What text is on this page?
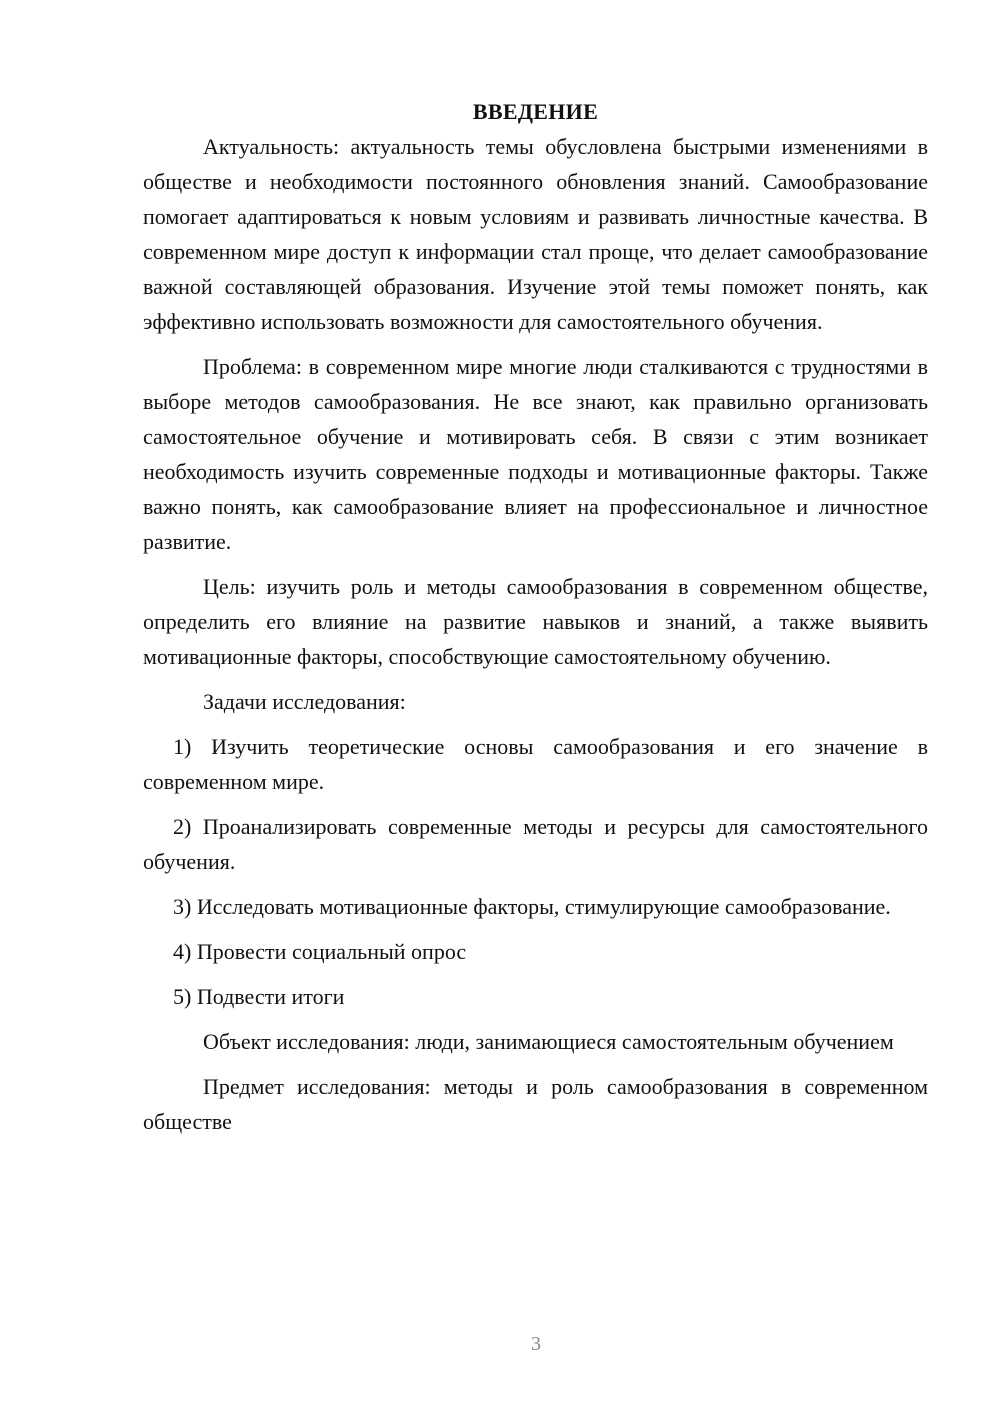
ВВЕДЕНИЕ

Актуальность: актуальность темы обусловлена быстрыми изменениями в обществе и необходимости постоянного обновления знаний. Самообразование помогает адаптироваться к новым условиям и развивать личностные качества. В современном мире доступ к информации стал проще, что делает самообразование важной составляющей образования. Изучение этой темы поможет понять, как эффективно использовать возможности для самостоятельного обучения.

Проблема: в современном мире многие люди сталкиваются с трудностями в выборе методов самообразования. Не все знают, как правильно организовать самостоятельное обучение и мотивировать себя. В связи с этим возникает необходимость изучить современные подходы и мотивационные факторы. Также важно понять, как самообразование влияет на профессиональное и личностное развитие.

Цель: изучить роль и методы самообразования в современном обществе, определить его влияние на развитие навыков и знаний, а также выявить мотивационные факторы, способствующие самостоятельному обучению.

Задачи исследования:

1) Изучить теоретические основы самообразования и его значение в современном мире.

2) Проанализировать современные методы и ресурсы для самостоятельного обучения.

3) Исследовать мотивационные факторы, стимулирующие самообразование.

4) Провести социальный опрос

5) Подвести итоги

Объект исследования: люди, занимающиеся самостоятельным обучением

Предмет исследования: методы и роль самообразования в современном обществе

3
